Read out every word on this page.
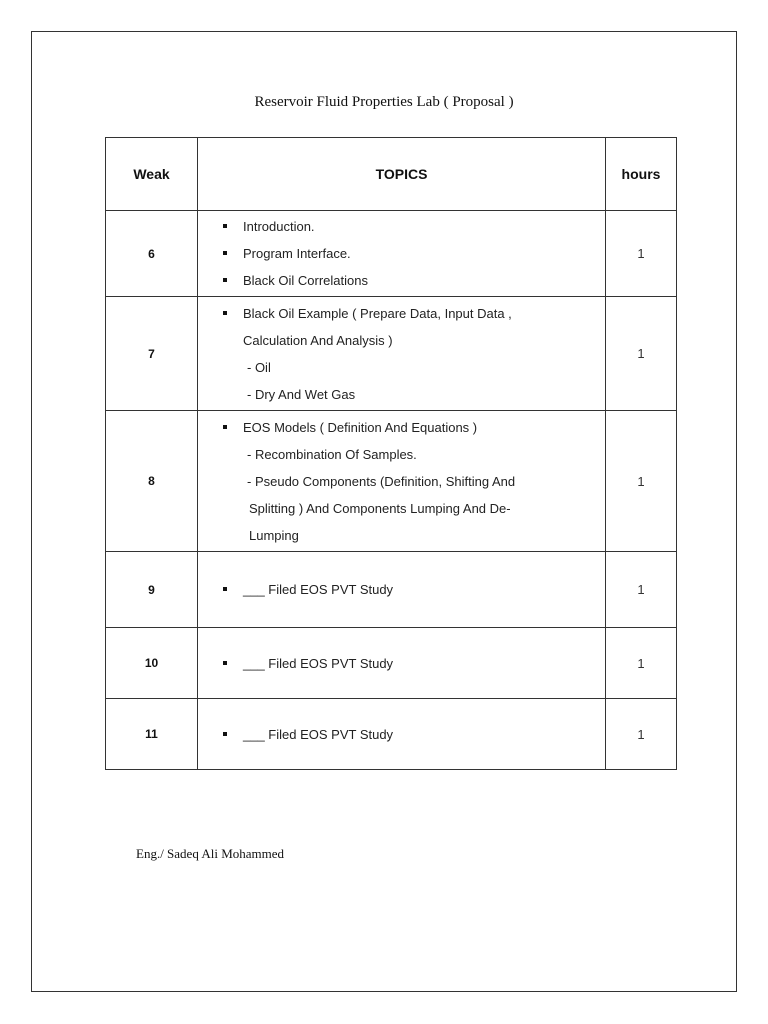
Reservoir Fluid Properties Lab ( Proposal )
Weak	TOPICS	hours
6	Introduction.
Program Interface.
Black Oil Correlations	1
7	Black Oil Example ( Prepare Data, Input Data ,
Calculation And Analysis )
- Oil
- Dry And Wet Gas	1
8	EOS Models ( Definition And Equations )
- Recombination Of Samples.
- Pseudo Components (Definition, Shifting And
Splitting ) And Components Lumping And De-
Lumping	1
9	___ Filed EOS PVT Study	1
10	___ Filed EOS PVT Study	1
11	___ Filed EOS PVT Study	1
Eng./ Sadeq Ali Mohammed
